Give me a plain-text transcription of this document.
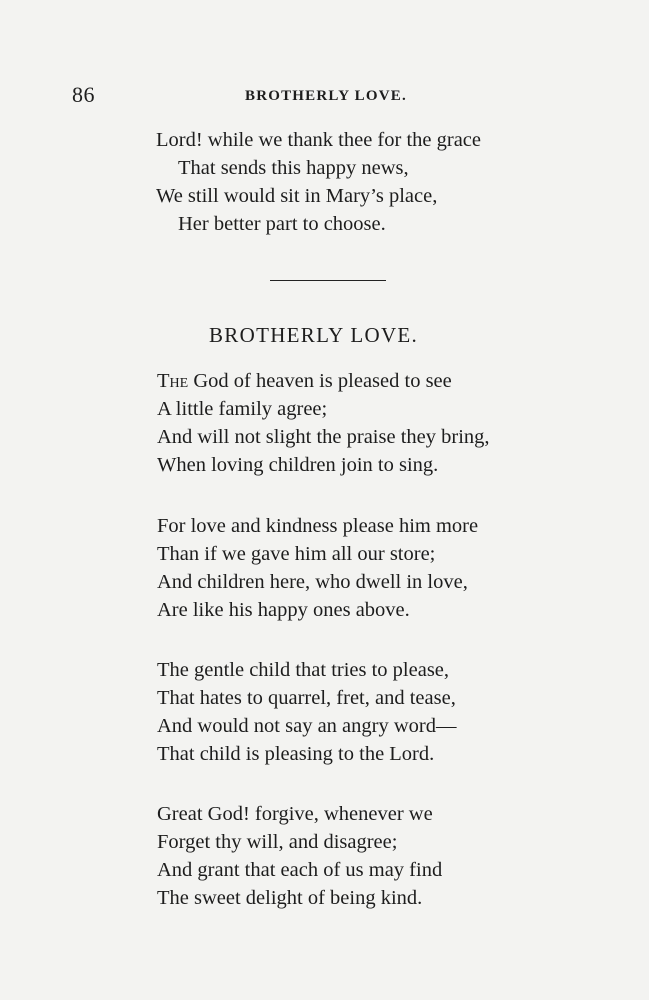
86	BROTHERLY LOVE.
Lord! while we thank thee for the grace
That sends this happy news,
We still would sit in Mary’s place,
Her better part to choose.
BROTHERLY LOVE.
The God of heaven is pleased to see
A little family agree;
And will not slight the praise they bring,
When loving children join to sing.
For love and kindness please him more
Than if we gave him all our store;
And children here, who dwell in love,
Are like his happy ones above.
The gentle child that tries to please,
That hates to quarrel, fret, and tease,
And would not say an angry word—
That child is pleasing to the Lord.
Great God! forgive, whenever we
Forget thy will, and disagree;
And grant that each of us may find
The sweet delight of being kind.
